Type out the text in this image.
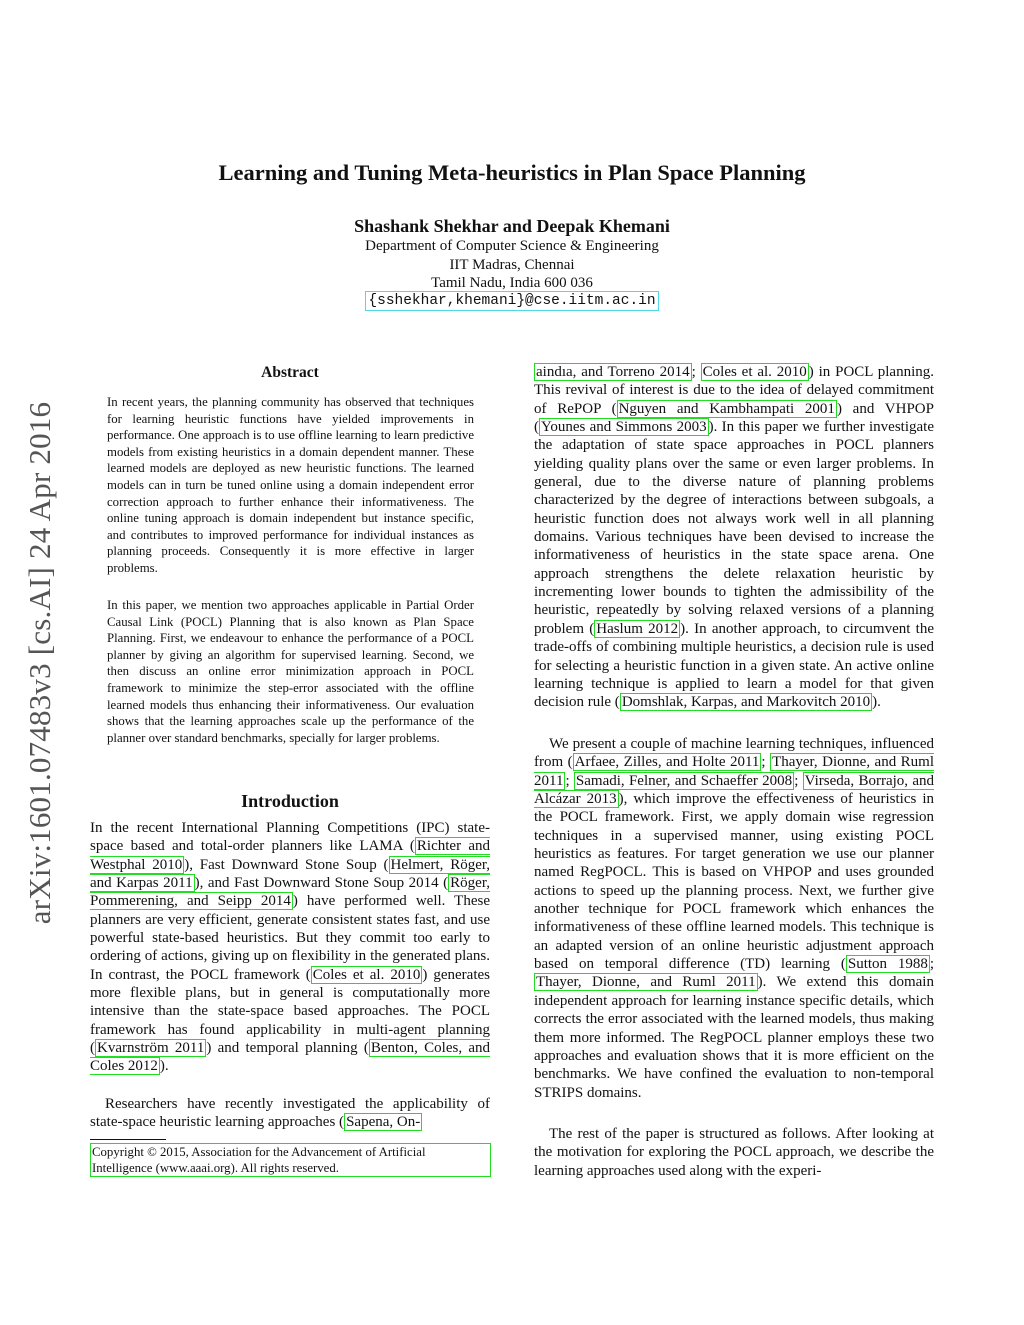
arXiv:1601.07483v3 [cs.AI] 24 Apr 2016
Learning and Tuning Meta-heuristics in Plan Space Planning
Shashank Shekhar and Deepak Khemani
Department of Computer Science & Engineering
IIT Madras, Chennai
Tamil Nadu, India 600 036
{sshekhar,khemani}@cse.iitm.ac.in
Abstract

In recent years, the planning community has observed that techniques for learning heuristic functions have yielded improvements in performance. One approach is to use offline learning to learn predictive models from existing heuristics in a domain dependent manner. These learned models are deployed as new heuristic functions. The learned models can in turn be tuned online using a domain independent error correction approach to further enhance their informativeness. The online tuning approach is domain independent but instance specific, and contributes to improved performance for individual instances as planning proceeds. Consequently it is more effective in larger problems.

In this paper, we mention two approaches applicable in Partial Order Causal Link (POCL) Planning that is also known as Plan Space Planning. First, we endeavour to enhance the performance of a POCL planner by giving an algorithm for supervised learning. Second, we then discuss an online error minimization approach in POCL framework to minimize the step-error associated with the offline learned models thus enhancing their informativeness. Our evaluation shows that the learning approaches scale up the performance of the planner over standard benchmarks, specially for larger problems.

Introduction

In the recent International Planning Competitions (IPC) state-space based and total-order planners like LAMA ( Richter and Westphal 2010 ), Fast Downward Stone Soup ( Helmert, Röger, and Karpas 2011 ), and Fast Downward Stone Soup 2014 ( Röger, Pommerening, and Seipp 2014 ) have performed well. These planners are very efficient, generate consistent states fast, and use powerful state-based heuristics. But they commit too early to ordering of actions, giving up on flexibility in the generated plans. In contrast, the POCL framework ( Coles et al. 2010 ) generates more flexible plans, but in general is computationally more intensive than the state-space based approaches. The POCL framework has found applicability in multi-agent planning ( Kvarnström 2011 ) and temporal planning ( Benton, Coles, and Coles 2012 ).

Researchers have recently investigated the applicability of state-space heuristic learning approaches ( Sapena, On-

Copyright © 2015, Association for the Advancement of Artificial Intelligence (www.aaai.org). All rights reserved.

aindıa, and Torreno 2014 ; Coles et al. 2010 ) in POCL planning. This revival of interest is due to the idea of delayed commitment of RePOP ( Nguyen and Kambhampati 2001 ) and VHPOP ( Younes and Simmons 2003 ). In this paper we further investigate the adaptation of state space approaches in POCL planners yielding quality plans over the same or even larger problems. In general, due to the diverse nature of planning problems characterized by the degree of interactions between subgoals, a heuristic function does not always work well in all planning domains. Various techniques have been devised to increase the informativeness of heuristics in the state space arena. One approach strengthens the delete relaxation heuristic by incrementing lower bounds to tighten the admissibility of the heuristic, repeatedly by solving relaxed versions of a planning problem ( Haslum 2012 ). In another approach, to circumvent the trade-offs of combining multiple heuristics, a decision rule is used for selecting a heuristic function in a given state. An active online learning technique is applied to learn a model for that given decision rule ( Domshlak, Karpas, and Markovitch 2010 ).

We present a couple of machine learning techniques, influenced from ( Arfaee, Zilles, and Holte 2011 ; Thayer, Dionne, and Ruml 2011 ; Samadi, Felner, and Schaeffer 2008 ; Virseda, Borrajo, and Alcázar 2013 ), which improve the effectiveness of heuristics in the POCL framework. First, we apply domain wise regression techniques in a supervised manner, using existing POCL heuristics as features. For target generation we use our planner named RegPOCL. This is based on VHPOP and uses grounded actions to speed up the planning process. Next, we further give another technique for POCL framework which enhances the informativeness of these offline learned models. This technique is an adapted version of an online heuristic adjustment approach based on temporal difference (TD) learning ( Sutton 1988 ; Thayer, Dionne, and Ruml 2011 ). We extend this domain independent approach for learning instance specific details, which corrects the error associated with the learned models, thus making them more informed. The RegPOCL planner employs these two approaches and evaluation shows that it is more efficient on the benchmarks. We have confined the evaluation to non-temporal STRIPS domains.

The rest of the paper is structured as follows. After looking at the motivation for exploring the POCL approach, we describe the learning approaches used along with the experi-
